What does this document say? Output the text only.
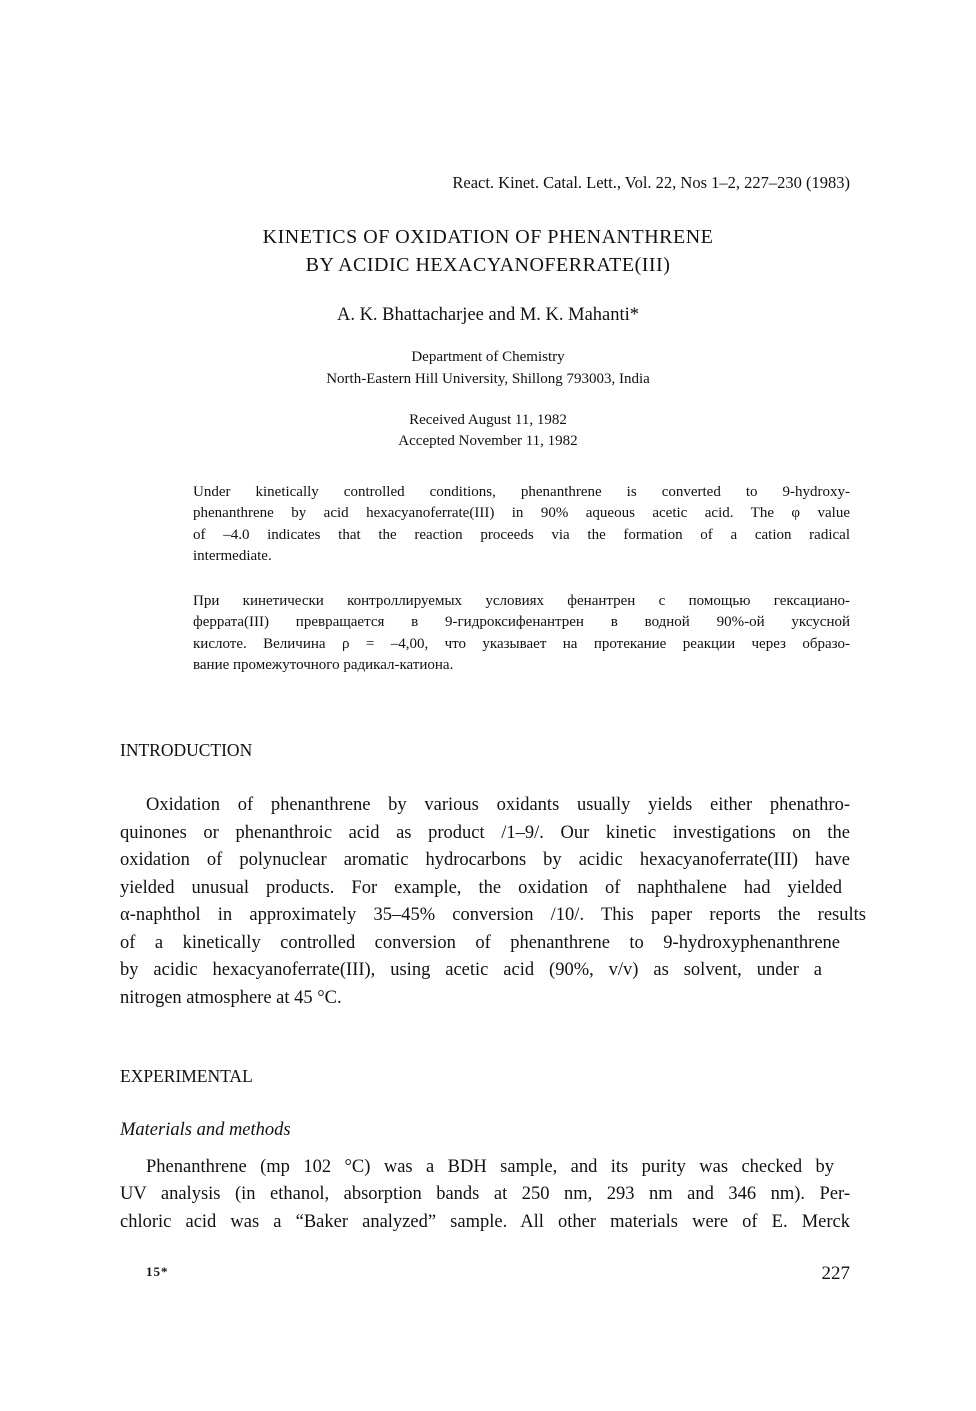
React. Kinet. Catal. Lett., Vol. 22, Nos 1–2, 227–230 (1983)
KINETICS OF OXIDATION OF PHENANTHRENE
BY ACIDIC HEXACYANOFERRATE(III)
A. K. Bhattacharjee and M. K. Mahanti*
Department of Chemistry
North-Eastern Hill University, Shillong 793003, India
Received August 11, 1982
Accepted November 11, 1982
Under kinetically controlled conditions, phenanthrene is converted to 9-hydroxy-
phenanthrene by acid hexacyanoferrate(III) in 90% aqueous acetic acid. The φ value
of –4.0 indicates that the reaction proceeds via the formation of a cation radical
intermediate.
При кинетически контроллируемых условиях фенантрен с помощью гексациано-
феррата(III) превращается в 9-гидроксифенантрен в водной 90%-ой уксусной
кислоте. Величина ρ = –4,00, что указывает на протекание реакции через образо-
вание промежуточного радикал-катиона.
INTRODUCTION
Oxidation of phenanthrene by various oxidants usually yields either phenathro-
quinones or phenanthroic acid as product /1–9/. Our kinetic investigations on the
oxidation of polynuclear aromatic hydrocarbons by acidic hexacyanoferrate(III) have
yielded unusual products. For example, the oxidation of naphthalene had yielded
α-naphthol in approximately 35–45% conversion /10/. This paper reports the results
of a kinetically controlled conversion of phenanthrene to 9-hydroxyphenanthrene
by acidic hexacyanoferrate(III), using acetic acid (90%, v/v) as solvent, under a
nitrogen atmosphere at 45 °C.
EXPERIMENTAL
Materials and methods
Phenanthrene (mp 102 °C) was a BDH sample, and its purity was checked by
UV analysis (in ethanol, absorption bands at 250 nm, 293 nm and 346 nm). Per-
chloric acid was a “Baker analyzed” sample. All other materials were of E. Merck
15*	227
